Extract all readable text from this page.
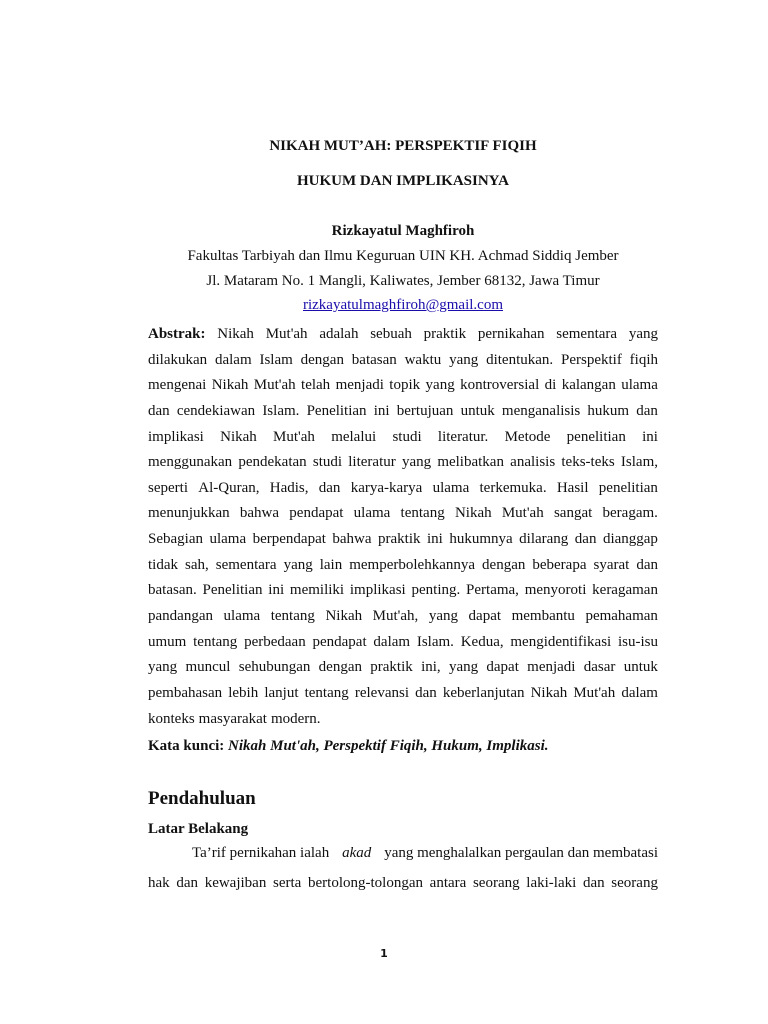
NIKAH MUT’AH: PERSPEKTIF FIQIH
HUKUM DAN IMPLIKASINYA
Rizkayatul Maghfiroh
Fakultas Tarbiyah dan Ilmu Keguruan UIN KH. Achmad Siddiq Jember
Jl. Mataram No. 1 Mangli, Kaliwates, Jember 68132, Jawa Timur
rizkayatulmaghfiroh@gmail.com
Abstrak: Nikah Mut'ah adalah sebuah praktik pernikahan sementara yang
dilakukan dalam Islam dengan batasan waktu yang ditentukan. Perspektif fiqih
mengenai Nikah Mut'ah telah menjadi topik yang kontroversial di kalangan ulama
dan cendekiawan Islam. Penelitian ini bertujuan untuk menganalisis hukum dan
implikasi Nikah Mut'ah melalui studi literatur. Metode penelitian ini
menggunakan pendekatan studi literatur yang melibatkan analisis teks-teks Islam,
seperti Al-Quran, Hadis, dan karya-karya ulama terkemuka. Hasil penelitian
menunjukkan bahwa pendapat ulama tentang Nikah Mut'ah sangat beragam.
Sebagian ulama berpendapat bahwa praktik ini hukumnya dilarang dan dianggap
tidak sah, sementara yang lain memperbolehkannya dengan beberapa syarat dan
batasan. Penelitian ini memiliki implikasi penting. Pertama, menyoroti keragaman
pandangan ulama tentang Nikah Mut'ah, yang dapat membantu pemahaman
umum tentang perbedaan pendapat dalam Islam. Kedua, mengidentifikasi isu-isu
yang muncul sehubungan dengan praktik ini, yang dapat menjadi dasar untuk
pembahasan lebih lanjut tentang relevansi dan keberlanjutan Nikah Mut'ah dalam
konteks masyarakat modern.
Kata kunci: Nikah Mut'ah, Perspektif Fiqih, Hukum, Implikasi.
Pendahuluan
Latar Belakang
Ta’rif pernikahan ialah akad yang menghalalkan pergaulan dan membatasi
hak dan kewajiban serta bertolong-tolongan antara seorang laki-laki dan seorang
1
